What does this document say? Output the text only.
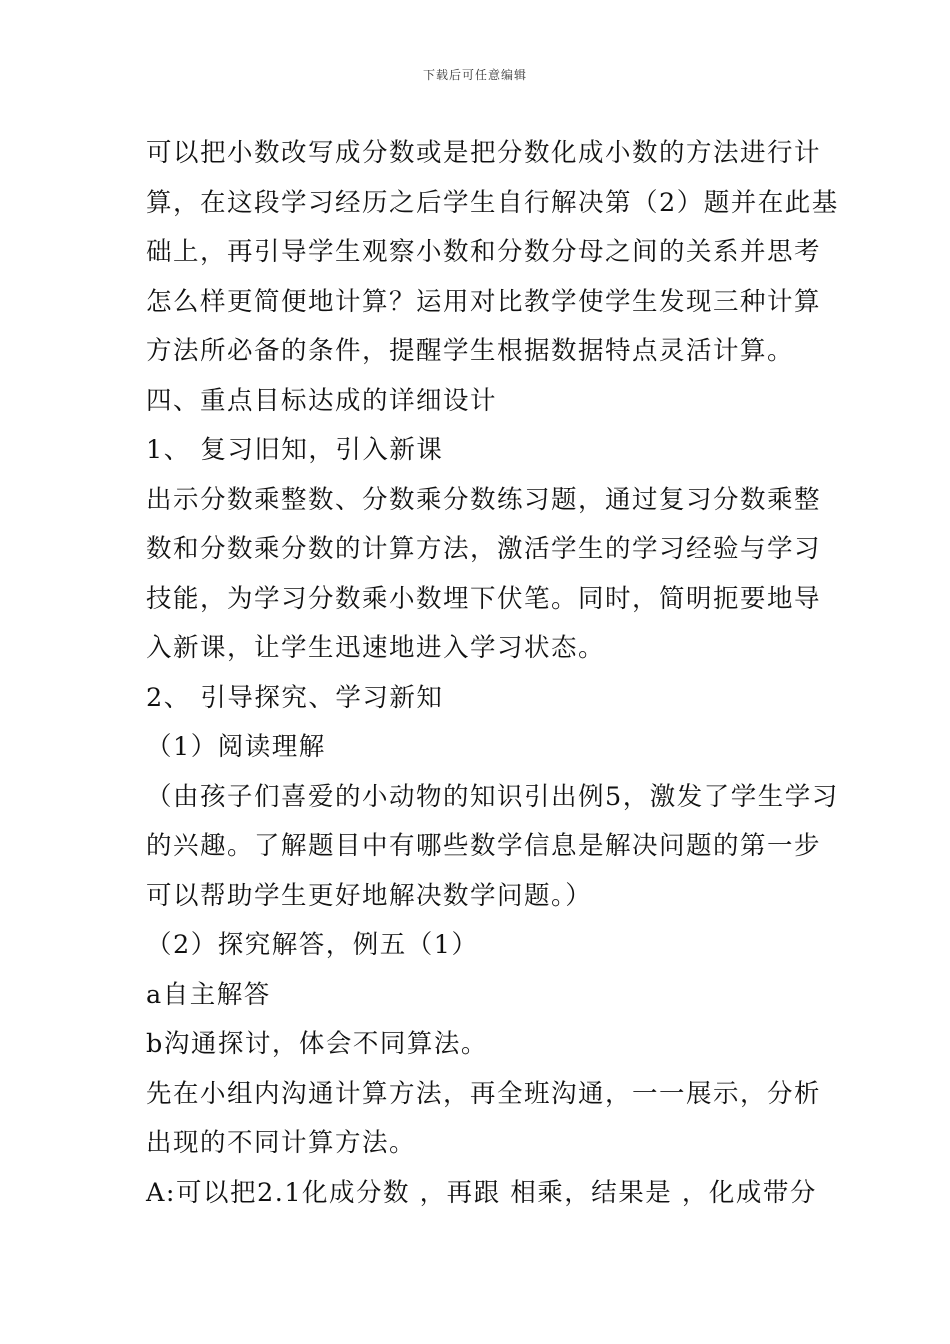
下载后可任意编辑
可以把小数改写成分数或是把分数化成小数的方法进行计
算，在这段学习经历之后学生自行解决第（2）题并在此基
础上，再引导学生观察小数和分数分母之间的关系并思考
怎么样更简便地计算？运用对比教学使学生发现三种计算
方法所必备的条件，提醒学生根据数据特点灵活计算。
四、重点目标达成的详细设计
1、 复习旧知，引入新课
出示分数乘整数、分数乘分数练习题，通过复习分数乘整
数和分数乘分数的计算方法，激活学生的学习经验与学习
技能，为学习分数乘小数埋下伏笔。同时，简明扼要地导
入新课，让学生迅速地进入学习状态。
2、 引导探究、学习新知
（1）阅读理解
（由孩子们喜爱的小动物的知识引出例5，激发了学生学习
的兴趣。了解题目中有哪些数学信息是解决问题的第一步
可以帮助学生更好地解决数学问题。）
（2）探究解答，例五（1）
a自主解答
b沟通探讨，体会不同算法。
先在小组内沟通计算方法，再全班沟通，一一展示，分析
出现的不同计算方法。
A:可以把2.1化成分数 ，再跟 相乘，结果是 ，化成带分
